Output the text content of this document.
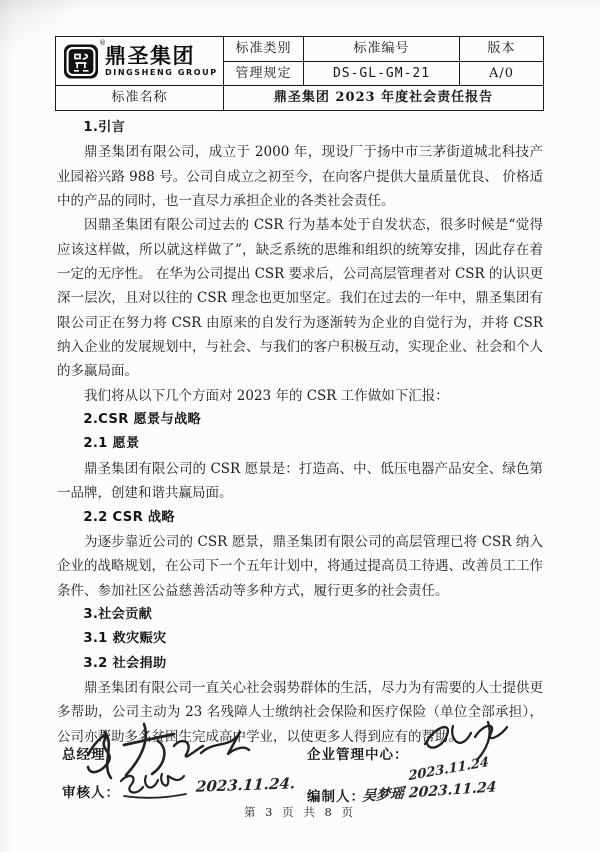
®
鼎圣集团
DINGSHENG GROUP	标准类别	标准编号	版本
	管理规定	DS-GL-GM-21	A/0
标准名称	鼎圣集团 2023 年度社会责任报告		
1.引言
鼎圣集团有限公司，成立于 2000 年，现设厂于扬中市三茅街道城北科技产业园裕兴路 988 号。公司自成立之初至今，在向客户提供大量质量优良、 价格适中的产品的同时，也一直尽力承担企业的各类社会责任。
因鼎圣集团有限公司过去的 CSR 行为基本处于自发状态，很多时候是“觉得应该这样做，所以就这样做了”，缺乏系统的思维和组织的统筹安排，因此存在着一定的无序性。 在华为公司提出 CSR 要求后，公司高层管理者对 CSR 的认识更深一层次，且对以往的 CSR 理念也更加坚定。我们在过去的一年中，鼎圣集团有限公司正在努力将 CSR 由原来的自发行为逐渐转为企业的自觉行为，并将 CSR 纳入企业的发展规划中，与社会、与我们的客户积极互动，实现企业、社会和个人的多赢局面。
我们将从以下几个方面对 2023 年的 CSR 工作做如下汇报：
2.CSR 愿景与战略
2.1 愿景
鼎圣集团有限公司的 CSR 愿景是：打造高、中、低压电器产品安全、绿色第一品牌，创建和谐共赢局面。
2.2 CSR 战略
为逐步靠近公司的 CSR 愿景，鼎圣集团有限公司的高层管理已将 CSR 纳入企业的战略规划，在公司下一个五年计划中，将通过提高员工待遇、改善员工工作条件、参加社区公益慈善活动等多种方式，履行更多的社会责任。
3.社会贡献
3.1 救灾赈灾
3.2 社会捐助
鼎圣集团有限公司一直关心社会弱势群体的生活，尽力为有需要的人士提供更多帮助，公司主动为 23 名残障人士缴纳社会保险和医疗保险（单位全部承担），公司亦帮助多名贫困生完成高中学业，以使更多人得到应有的帮助。
总经理：
审核人：	2023.11.24.
企业管理中心： 2023.11.24
编制人：
吴梦瑶 2023.11.24
第 3 页 共 8 页
